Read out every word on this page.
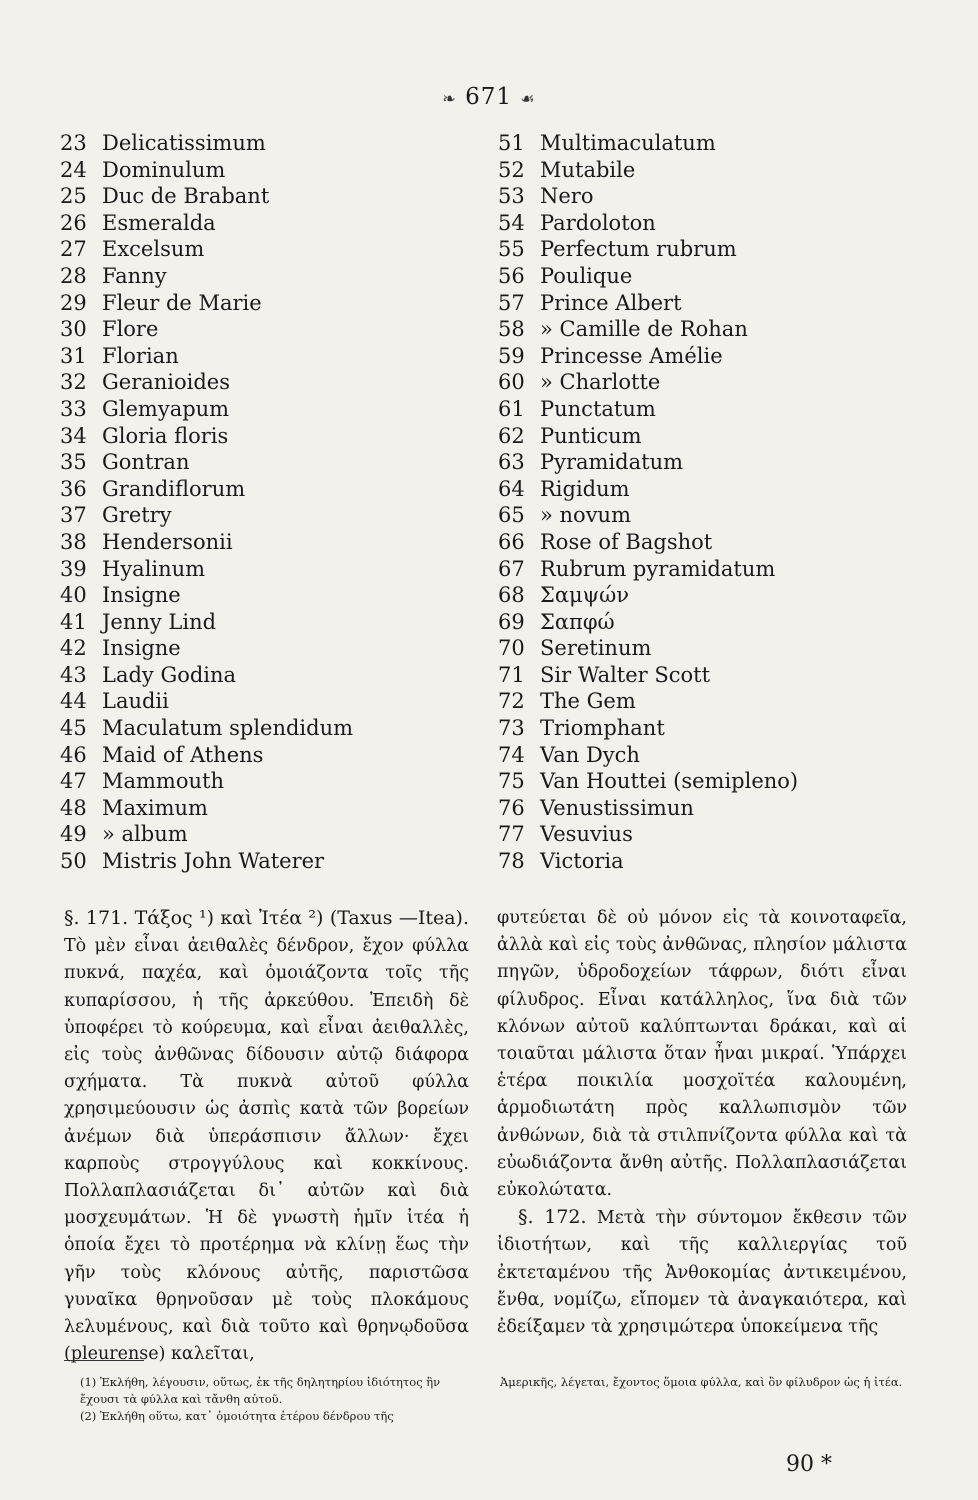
❧ 671 ☙
23 Delicatissimum
24 Dominulum
25 Duc de Brabant
26 Esmeralda
27 Excelsum
28 Fanny
29 Fleur de Marie
30 Flore
31 Florian
32 Geranioides
33 Glemyapum
34 Gloria floris
35 Gontran
36 Grandiflorum
37 Gretry
38 Hendersonii
39 Hyalinum
40 Insigne
41 Jenny Lind
42 Insigne
43 Lady Godina
44 Laudii
45 Maculatum splendidum
46 Maid of Athens
47 Mammouth
48 Maximum
49 » album
50 Mistris John Waterer
51 Multimaculatum
52 Mutabile
53 Nero
54 Pardoloton
55 Perfectum rubrum
56 Poulique
57 Prince Albert
58 » Camille de Rohan
59 Princesse Amélie
60 » Charlotte
61 Punctatum
62 Punticum
63 Pyramidatum
64 Rigidum
65 » novum
66 Rose of Bagshot
67 Rubrum pyramidatum
68 Σαμψών
69 Σαπφώ
70 Seretinum
71 Sir Walter Scott
72 The Gem
73 Triomphant
74 Van Dych
75 Van Houttei (semipleno)
76 Venustissimun
77 Vesuvius
78 Victoria

§. 171. Τάξος ¹) καὶ Ἰτέα ²) (Taxus —Itea). Τὸ μὲν εἶναι ἀειθαλὲς δένδρον, ἔχον φύλλα πυκνά, παχέα, καὶ ὁμοιάζοντα τοῖς τῆς κυπαρίσσου, ἡ τῆς ἀρκεύθου. Ἐπειδὴ δὲ ὑποφέρει τὸ κούρευμα, καὶ εἶναι ἀειθαλλὲς, εἰς τοὺς ἀνθῶνας δίδουσιν αὐτῷ διάφορα σχήματα. Τὰ πυκνὰ αὐτοῦ φύλλα χρησιμεύουσιν ὡς ἀσπὶς κατὰ τῶν βορείων ἀνέμων διὰ ὑπεράσπισιν ἄλλων· ἔχει καρποὺς στρογγύλους καὶ κοκκίνους. Πολλαπλασιάζεται δι᾽ αὐτῶν καὶ διὰ μοσχευμάτων. Ἡ δὲ γνωστὴ ἡμῖν ἰτέα ἡ ὁποία ἔχει τὸ προτέρημα νὰ κλίνῃ ἕως τὴν γῆν τοὺς κλόνους αὐτῆς, παριστῶσα γυναῖκα θρηνοῦσαν μὲ τοὺς πλοκάμους λελυμένους, καὶ διὰ τοῦτο καὶ θρηνῳδοῦσα (pleurense) καλεῖται,

φυτεύεται δὲ οὐ μόνον εἰς τὰ κοινοταφεῖα, ἀλλὰ καὶ εἰς τοὺς ἀνθῶνας, πλησίον μάλιστα πηγῶν, ὑδροδοχείων τάφρων, διότι εἶναι φίλυδρος. Εἶναι κατάλληλος, ἵνα διὰ τῶν κλόνων αὐτοῦ καλύπτωνται δράκαι, καὶ αἱ τοιαῦται μάλιστα ὅταν ἦναι μικραί. Ὑπάρχει ἑτέρα ποικιλία μοσχοϊτέα καλουμένη, ἁρμοδιωτάτη πρὸς καλλωπισμὸν τῶν ἀνθώνων, διὰ τὰ στιλπνίζοντα φύλλα καὶ τὰ εὐωδιάζοντα ἄνθη αὐτῆς. Πολλαπλασιάζεται εὐκολώτατα.

§. 172. Μετὰ τὴν σύντομον ἔκθεσιν τῶν ἰδιοτήτων, καὶ τῆς καλλιεργίας τοῦ ἐκτεταμένου τῆς Ἀνθοκομίας ἀντικειμένου, ἔνθα, νομίζω, εἴπομεν τὰ ἀναγκαιότερα, καὶ ἐδείξαμεν τὰ χρησιμώτερα ὑποκείμενα τῆς

(1) Ἐκλήθη, λέγουσιν, οὕτως, ἐκ τῆς δηλητηρίου ἰδιότητος ἣν ἔχουσι τὰ φύλλα καὶ τἄνθη αὐτοῦ.
(2) Ἐκλήθη οὕτω, κατ᾽ ὁμοιότητα ἑτέρου δένδρου τῆς
Ἀμερικῆς, λέγεται, ἔχοντος ὅμοια φύλλα, καὶ ὂν φίλυδρον ὡς ἡ ἰτέα.
90 *
